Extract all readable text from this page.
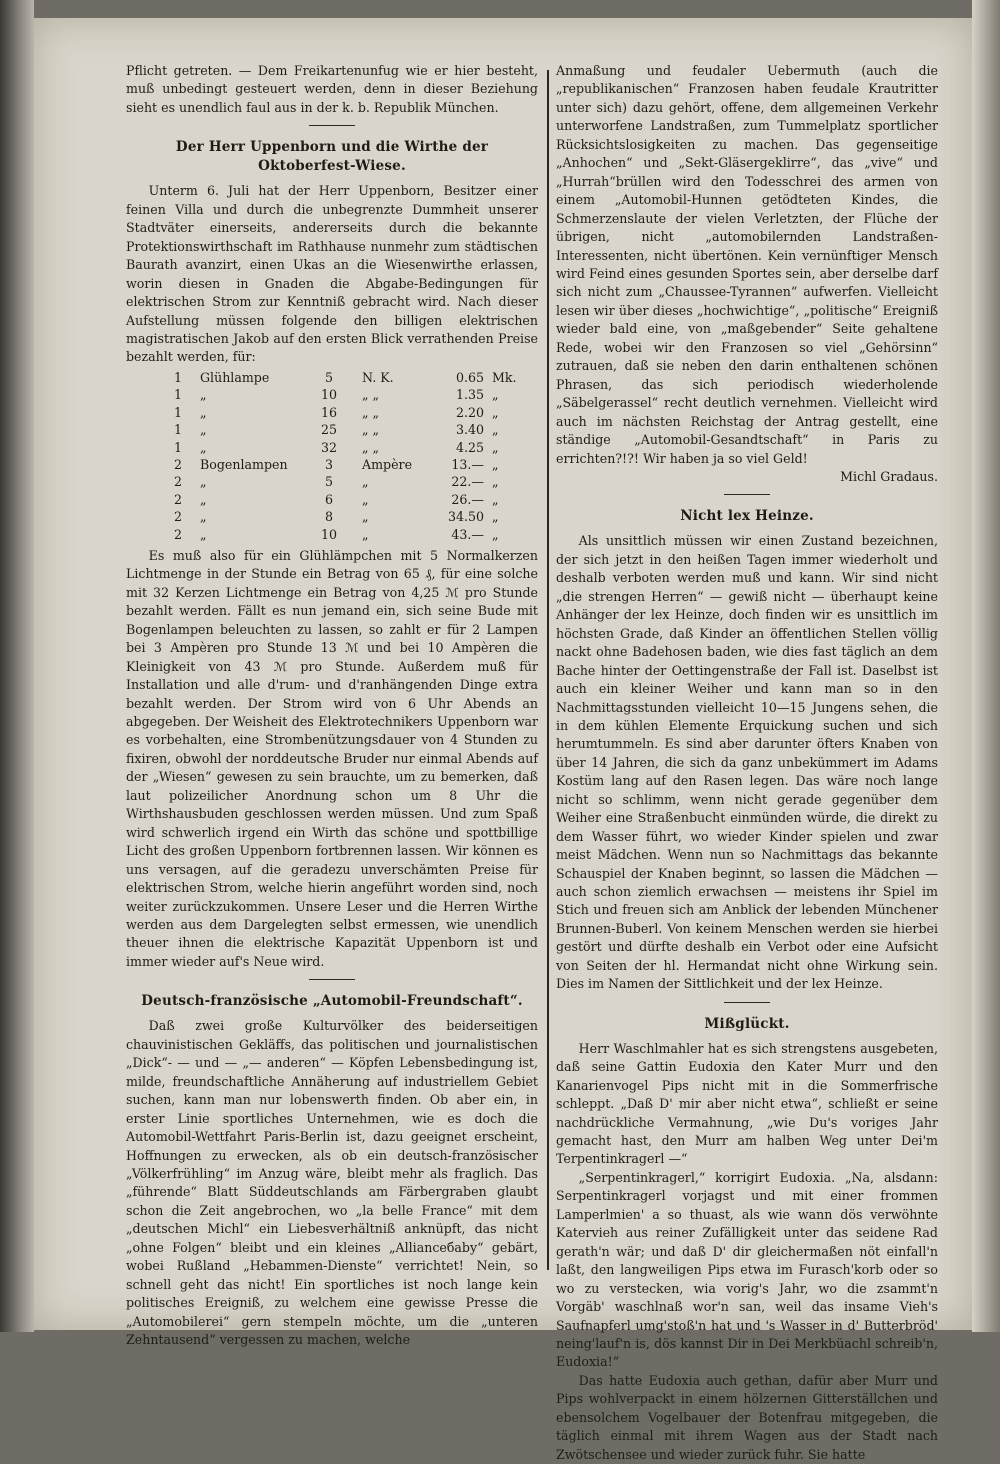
Pflicht getreten. — Dem Freikartenunfug wie er hier besteht, muß unbedingt gesteuert werden, denn in dieser Beziehung sieht es unendlich faul aus in der k. b. Republik München.

Der Herr Uppenborn und die Wirthe der Oktoberfest-Wiese.

Unterm 6. Juli hat der Herr Uppenborn, Besitzer einer feinen Villa und durch die unbegrenzte Dummheit unserer Stadtväter einerseits, andererseits durch die bekannte Protektionswirthschaft im Rathhause nunmehr zum städtischen Baurath avanzirt, einen Ukas an die Wiesenwirthe erlassen, worin diesen in Gnaden die Abgabe-Bedingungen für elektrischen Strom zur Kenntniß gebracht wird. Nach dieser Aufstellung müssen folgende den billigen elektrischen magistratischen Jakob auf den ersten Blick verrathenden Preise bezahlt werden, für:

1	Glühlampe	5	N. K.	0.65	Mk.
1	„	10	„ „	1.35	„
1	„	16	„ „	2.20	„
1	„	25	„ „	3.40	„
1	„	32	„ „	4.25	„
2	Bogenlampen	3	Ampère	13.—	„
2	„	5	„	22.—	„
2	„	6	„	26.—	„
2	„	8	„	34.50	„
2	„	10	„	43.—	„

Es muß also für ein Glühlämpchen mit 5 Normalkerzen Lichtmenge in der Stunde ein Betrag von 65 ₰, für eine solche mit 32 Kerzen Lichtmenge ein Betrag von 4,25 ℳ pro Stunde bezahlt werden. Fällt es nun jemand ein, sich seine Bude mit Bogenlampen beleuchten zu lassen, so zahlt er für 2 Lampen bei 3 Ampèren pro Stunde 13 ℳ und bei 10 Ampèren die Kleinigkeit von 43 ℳ pro Stunde. Außerdem muß für Installation und alle d'rum- und d'ranhängenden Dinge extra bezahlt werden. Der Strom wird von 6 Uhr Abends an abgegeben. Der Weisheit des Elektrotechnikers Uppenborn war es vorbehalten, eine Strombenützungsdauer von 4 Stunden zu fixiren, obwohl der norddeutsche Bruder nur einmal Abends auf der „Wiesen“ gewesen zu sein brauchte, um zu bemerken, daß laut polizeilicher Anordnung schon um 8 Uhr die Wirthshausbuden geschlossen werden müssen. Und zum Spaß wird schwerlich irgend ein Wirth das schöne und spottbillige Licht des großen Uppenborn fortbrennen lassen. Wir können es uns versagen, auf die geradezu unverschämten Preise für elektrischen Strom, welche hierin angeführt worden sind, noch weiter zurückzukommen. Unsere Leser und die Herren Wirthe werden aus dem Dargelegten selbst ermessen, wie unendlich theuer ihnen die elektrische Kapazität Uppenborn ist und immer wieder auf's Neue wird.

Deutsch-französische „Automobil-Freundschaft“.

Daß zwei große Kulturvölker des beiderseitigen chauvinistischen Gekläffs, das politischen und journalistischen „Dick“- — und — „— anderen“ — Köpfen Lebensbedingung ist, milde, freundschaftliche Annäherung auf industriellem Gebiet suchen, kann man nur lobenswerth finden. Ob aber ein, in erster Linie sportliches Unternehmen, wie es doch die Automobil-Wettfahrt Paris-Berlin ist, dazu geeignet erscheint, Hoffnungen zu erwecken, als ob ein deutsch-französischer „Völkerfrühling“ im Anzug wäre, bleibt mehr als fraglich. Das „führende“ Blatt Süddeutschlands am Färbergraben glaubt schon die Zeit angebrochen, wo „la belle France“ mit dem „deutschen Michl“ ein Liebesverhältniß anknüpft, das nicht „ohne Folgen“ bleibt und ein kleines „Allianceбaby“ gebärt, wobei Rußland „Hebammen-Dienste“ verrichtet! Nein, so schnell geht das nicht! Ein sportliches ist noch lange kein politisches Ereigniß, zu welchem eine gewisse Presse die „Automobilerei“ gern stempeln möchte, um die „unteren Zehntausend“ vergessen zu machen, welche

Anmaßung und feudaler Uebermuth (auch die „republikanischen“ Franzosen haben feudale Krautritter unter sich) dazu gehört, offene, dem allgemeinen Verkehr unterworfene Landstraßen, zum Tummelplatz sportlicher Rücksichtslosigkeiten zu machen. Das gegenseitige „Anhochen“ und „Sekt-Gläsergeklirre“, das „vive“ und „Hurrah“brüllen wird den Todesschrei des armen von einem „Automobil-Hunnen getödteten Kindes, die Schmerzenslaute der vielen Verletzten, der Flüche der übrigen, nicht „automobilernden Landstraßen-Interessenten, nicht übertönen. Kein vernünftiger Mensch wird Feind eines gesunden Sportes sein, aber derselbe darf sich nicht zum „Chaussee-Tyrannen“ aufwerfen. Vielleicht lesen wir über dieses „hochwichtige“, „politische“ Ereigniß wieder bald eine, von „maßgebender“ Seite gehaltene Rede, wobei wir den Franzosen so viel „Gehörsinn“ zutrauen, daß sie neben den darin enthaltenen schönen Phrasen, das sich periodisch wiederholende „Säbelgerassel“ recht deutlich vernehmen. Vielleicht wird auch im nächsten Reichstag der Antrag gestellt, eine ständige „Automobil-Gesandtschaft“ in Paris zu errichten?!?! Wir haben ja so viel Geld!

Michl Gradaus.
Nicht lex Heinze.

Als unsittlich müssen wir einen Zustand bezeichnen, der sich jetzt in den heißen Tagen immer wiederholt und deshalb verboten werden muß und kann. Wir sind nicht „die strengen Herren“ — gewiß nicht — überhaupt keine Anhänger der lex Heinze, doch finden wir es unsittlich im höchsten Grade, daß Kinder an öffentlichen Stellen völlig nackt ohne Badehosen baden, wie dies fast täglich an dem Bache hinter der Oettingenstraße der Fall ist. Daselbst ist auch ein kleiner Weiher und kann man so in den Nachmittagsstunden vielleicht 10—15 Jungens sehen, die in dem kühlen Elemente Erquickung suchen und sich herumtummeln. Es sind aber darunter öfters Knaben von über 14 Jahren, die sich da ganz unbekümmert im Adams Kostüm lang auf den Rasen legen. Das wäre noch lange nicht so schlimm, wenn nicht gerade gegenüber dem Weiher eine Straßenbucht einmünden würde, die direkt zu dem Wasser führt, wo wieder Kinder spielen und zwar meist Mädchen. Wenn nun so Nachmittags das bekannte Schauspiel der Knaben beginnt, so lassen die Mädchen — auch schon ziemlich erwachsen — meistens ihr Spiel im Stich und freuen sich am Anblick der lebenden Münchener Brunnen-Buberl. Von keinem Menschen werden sie hierbei gestört und dürfte deshalb ein Verbot oder eine Aufsicht von Seiten der hl. Hermandat nicht ohne Wirkung sein. Dies im Namen der Sittlichkeit und der lex Heinze.

Mißglückt.

Herr Waschlmahler hat es sich strengstens ausgebeten, daß seine Gattin Eudoxia den Kater Murr und den Kanarienvogel Pips nicht mit in die Sommerfrische schleppt. „Daß D' mir aber nicht etwa“, schließt er seine nachdrückliche Vermahnung, „wie Du's voriges Jahr gemacht hast, den Murr am halben Weg unter Dei'm Terpentinkragerl —“

„Serpentinkragerl,“ korrigirt Eudoxia. „Na, alsdann: Serpentinkragerl vorjagst und mit einer frommen Lamperlmien' a so thuast, als wie wann dös verwöhnte Katervieh aus reiner Zufälligkeit unter das seidene Rad gerath'n wär; und daß D' dir gleichermaßen nöt einfall'n laßt, den langweiligen Pips etwa im Furasch'korb oder so wo zu verstecken, wia vorig's Jahr, wo die zsammt'n Vorgäb' waschlnaß wor'n san, weil das insame Vieh's Saufnapferl umg'stoß'n hat und 's Wasser in d' Butterbröd' neing'lauf'n is, dös kannst Dir in Dei Merkbüachl schreib'n, Eudoxia!“

Das hatte Eudoxia auch gethan, dafür aber Murr und Pips wohlverpackt in einem hölzernen Gitterställchen und ebensolchem Vogelbauer der Botenfrau mitgegeben, die täglich einmal mit ihrem Wagen aus der Stadt nach Zwötschensee und wieder zurück fuhr. Sie hatte
